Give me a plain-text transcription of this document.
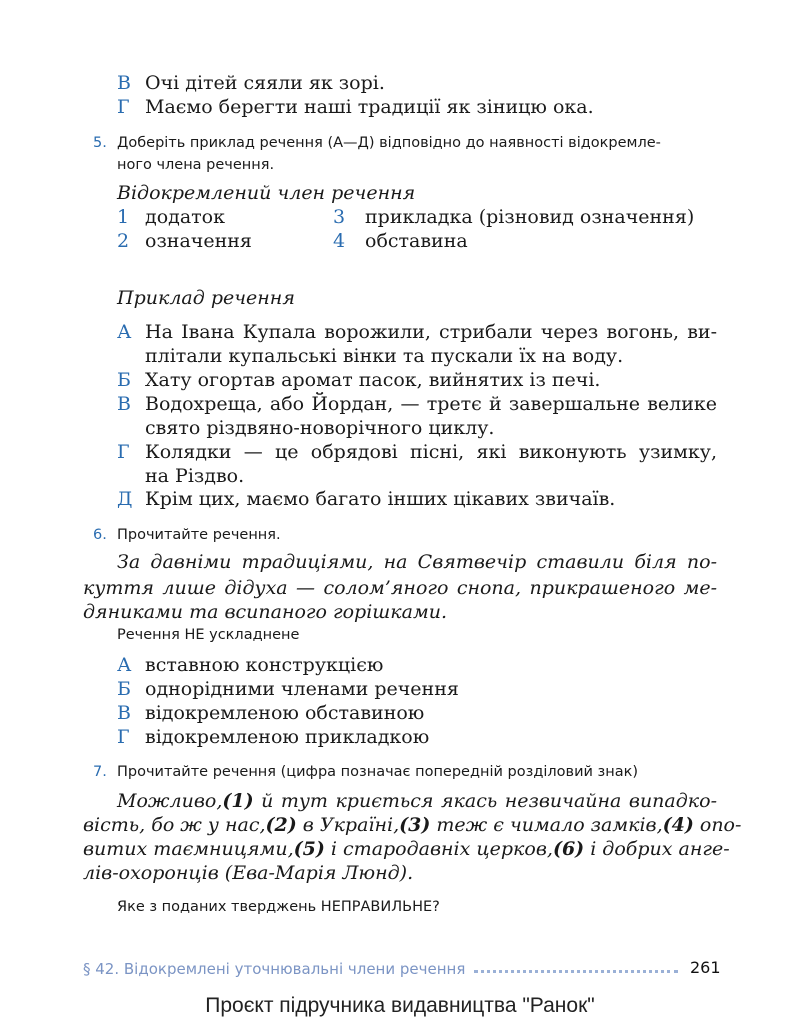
В Очі дітей сяяли як зорі.
Г Маємо берегти наші традиції як зіницю ока.
5. Доберіть приклад речення (А—Д) відповідно до наявності відокремле-
ного члена речення.
Відокремлений член речення
1 додаток
2 означення
3 прикладка (різновид означення)
4 обставина
Приклад речення
А На Івана Купала ворожили, стрибали через вогонь, ви-
плітали купальські вінки та пускали їх на воду.
Б Хату огортав аромат пасок, вийнятих із печі.
В Водохреща, або Йордан, — третє й завершальне велике
свято різдвяно-новорічного циклу.
Г Колядки — це обрядові пісні, які виконують узимку,
на Різдво.
Д Крім цих, маємо багато інших цікавих звичаїв.
6. Прочитайте речення.
За давніми традиціями, на Святвечір ставили біля по-
куття лише дідуха — солом’яного снопа, прикрашеного ме-
дяниками та всипаного горішками.
Речення НЕ ускладнене
А вставною конструкцією
Б однорідними членами речення
В відокремленою обставиною
Г відокремленою прикладкою
7. Прочитайте речення (цифра позначає попередній розділовий знак)
Можливо,(1) й тут криється якась незвичайна випадко-
вість, бо ж у нас,(2) в Україні,(3) теж є чимало замків,(4) опо-
витих таємницями,(5) і стародавніх церков,(6) і добрих анге-
лів-охоронців (Ева-Марія Люнд).
Яке з поданих тверджень НЕПРАВИЛЬНЕ?
§ 42. Відокремлені уточнювальні члени речення	261
Проєкт підручника видавництва "Ранок"
